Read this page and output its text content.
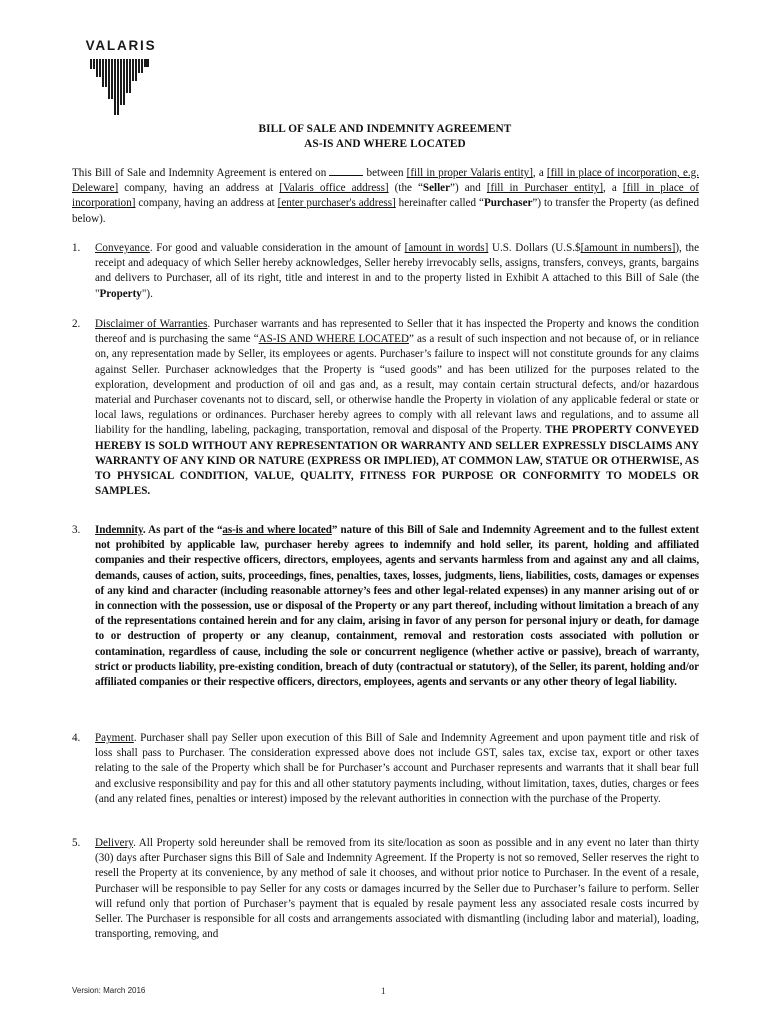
VALARIS
BILL OF SALE AND INDEMNITY AGREEMENT
AS-IS AND WHERE LOCATED
This Bill of Sale and Indemnity Agreement is entered on	between [fill in proper Valaris entity], a [fill in place of incorporation, e.g. Deleware] company, having an address at [Valaris office address] (the “Seller”) and [fill in Purchaser entity], a [fill in place of incorporation] company, having an address at [enter purchaser's address] hereinafter called “Purchaser”) to transfer the Property (as defined below).
1. Conveyance. For good and valuable consideration in the amount of [amount in words] U.S. Dollars (U.S.$[amount in numbers]), the receipt and adequacy of which Seller hereby acknowledges, Seller hereby irrevocably sells, assigns, transfers, conveys, grants, bargains and delivers to Purchaser, all of its right, title and interest in and to the property listed in Exhibit A attached to this Bill of Sale (the "Property").
2. Disclaimer of Warranties. Purchaser warrants and has represented to Seller that it has inspected the Property and knows the condition thereof and is purchasing the same “AS-IS AND WHERE LOCATED” as a result of such inspection and not because of, or in reliance on, any representation made by Seller, its employees or agents. Purchaser’s failure to inspect will not constitute grounds for any claims against Seller. Purchaser acknowledges that the Property is “used goods” and has been utilized for the purposes related to the exploration, development and production of oil and gas and, as a result, may contain certain structural defects, and/or hazardous material and Purchaser covenants not to discard, sell, or otherwise handle the Property in violation of any applicable federal or state or local laws, regulations or ordinances. Purchaser hereby agrees to comply with all relevant laws and regulations, and to assume all liability for the handling, labeling, packaging, transportation, removal and disposal of the Property. THE PROPERTY CONVEYED HEREBY IS SOLD WITHOUT ANY REPRESENTATION OR WARRANTY AND SELLER EXPRESSLY DISCLAIMS ANY WARRANTY OF ANY KIND OR NATURE (EXPRESS OR IMPLIED), AT COMMON LAW, STATUE OR OTHERWISE, AS TO PHYSICAL CONDITION, VALUE, QUALITY, FITNESS FOR PURPOSE OR CONFORMITY TO MODELS OR SAMPLES.
3. Indemnity. As part of the “as-is and where located” nature of this Bill of Sale and Indemnity Agreement and to the fullest extent not prohibited by applicable law, purchaser hereby agrees to indemnify and hold seller, its parent, holding and affiliated companies and their respective officers, directors, employees, agents and servants harmless from and against any and all claims, demands, causes of action, suits, proceedings, fines, penalties, taxes, losses, judgments, liens, liabilities, costs, damages or expenses of any kind and character (including reasonable attorney’s fees and other legal-related expenses) in any manner arising out of or in connection with the possession, use or disposal of the Property or any part thereof, including without limitation a breach of any of the representations contained herein and for any claim, arising in favor of any person for personal injury or death, for damage to or destruction of property or any cleanup, containment, removal and restoration costs associated with pollution or contamination, regardless of cause, including the sole or concurrent negligence (whether active or passive), breach of warranty, strict or products liability, pre-existing condition, breach of duty (contractual or statutory), of the Seller, its parent, holding and/or affiliated companies or their respective officers, directors, employees, agents and servants or any other theory of legal liability.
4. Payment. Purchaser shall pay Seller upon execution of this Bill of Sale and Indemnity Agreement and upon payment title and risk of loss shall pass to Purchaser. The consideration expressed above does not include GST, sales tax, excise tax, export or other taxes relating to the sale of the Property which shall be for Purchaser’s account and Purchaser represents and warrants that it shall bear full and exclusive responsibility and pay for this and all other statutory payments including, without limitation, taxes, duties, charges or fees (and any related fines, penalties or interest) imposed by the relevant authorities in connection with the purchase of the Property.
5. Delivery. All Property sold hereunder shall be removed from its site/location as soon as possible and in any event no later than thirty (30) days after Purchaser signs this Bill of Sale and Indemnity Agreement. If the Property is not so removed, Seller reserves the right to resell the Property at its convenience, by any method of sale it chooses, and without prior notice to Purchaser. In the event of a resale, Purchaser will be responsible to pay Seller for any costs or damages incurred by the Seller due to Purchaser’s failure to perform. Seller will refund only that portion of Purchaser’s payment that is equaled by resale payment less any associated resale costs incurred by Seller. The Purchaser is responsible for all costs and arrangements associated with dismantling (including labor and material), loading, transporting, removing, and
Version: March 2016	1
